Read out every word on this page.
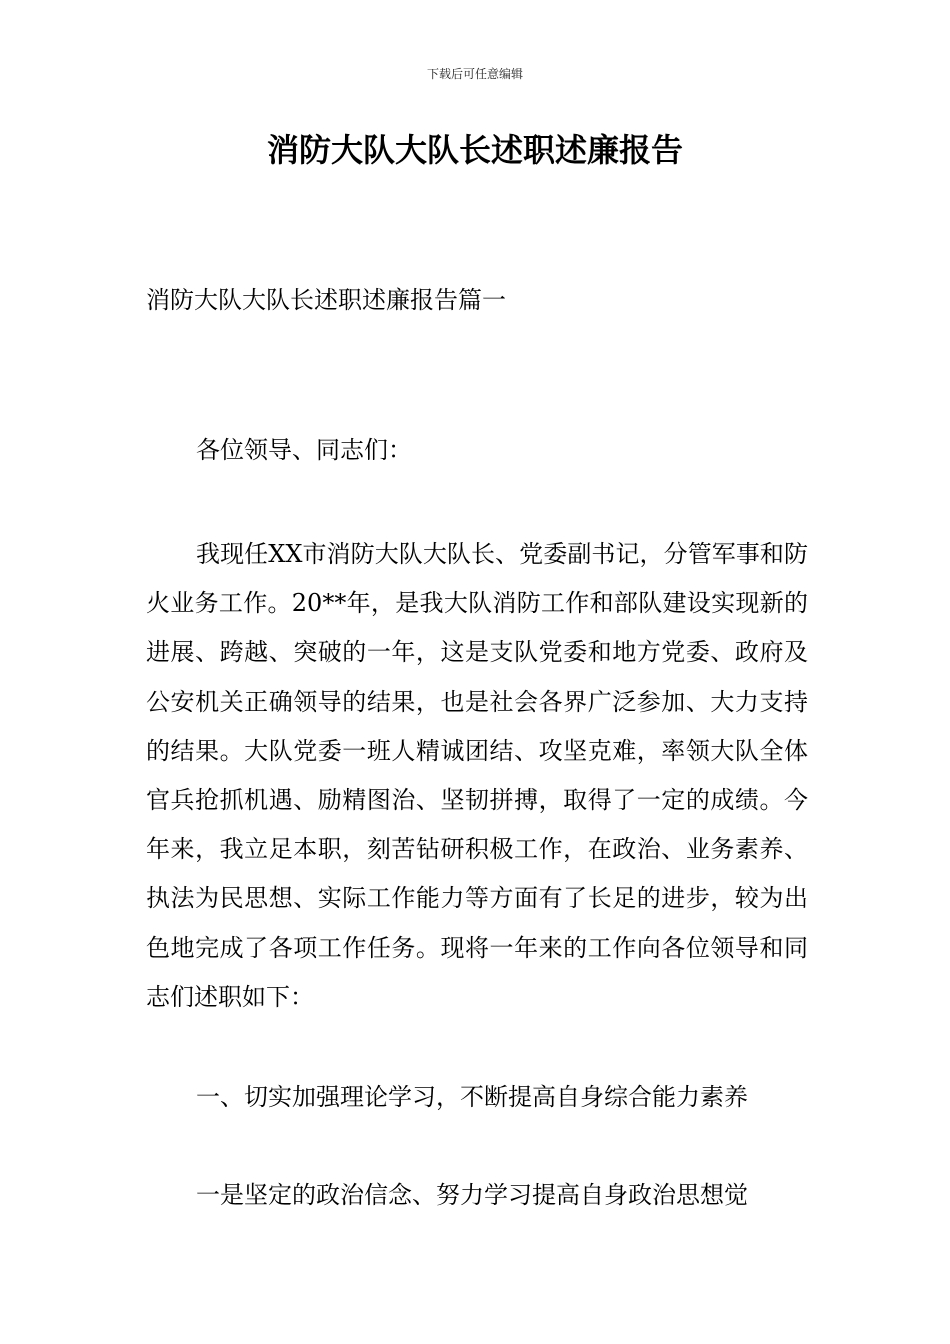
下载后可任意编辑
消防大队大队长述职述廉报告

消防大队大队长述职述廉报告篇一

各位领导、同志们：

我现任XX市消防大队大队长、党委副书记，分管军事和防火业务工作。20**年，是我大队消防工作和部队建设实现新的进展、跨越、突破的一年，这是支队党委和地方党委、政府及公安机关正确领导的结果，也是社会各界广泛参加、大力支持的结果。大队党委一班人精诚团结、攻坚克难，率领大队全体官兵抢抓机遇、励精图治、坚韧拼搏，取得了一定的成绩。今年来，我立足本职，刻苦钻研积极工作，在政治、业务素养、执法为民思想、实际工作能力等方面有了长足的进步，较为出色地完成了各项工作任务。现将一年来的工作向各位领导和同志们述职如下：

一、切实加强理论学习，不断提高自身综合能力素养

一是坚定的政治信念、努力学习提高自身政治思想觉
